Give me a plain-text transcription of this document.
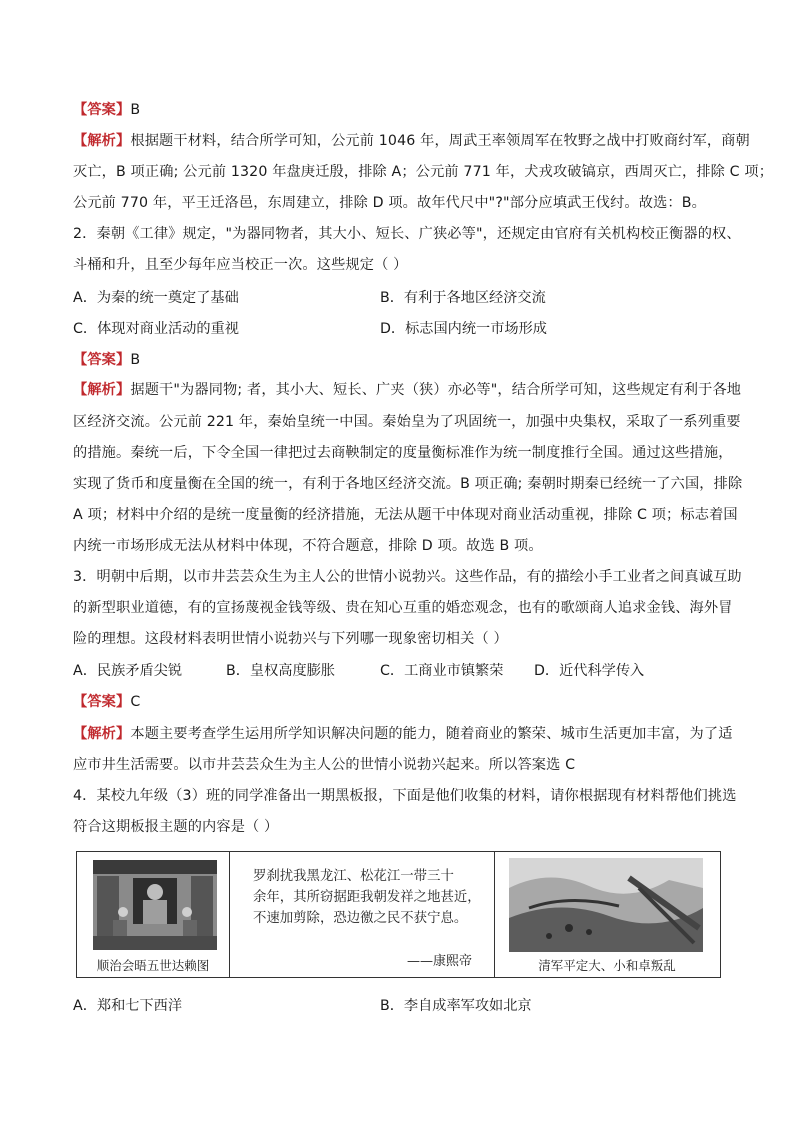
【答案】B
【解析】根据题干材料，结合所学可知，公元前 1046 年，周武王率领周军在牧野之战中打败商纣军，商朝
灭亡，B 项正确; 公元前 1320 年盘庚迁殷，排除 A；公元前 771 年，犬戎攻破镐京，西周灭亡，排除 C 项；
公元前 770 年，平王迁洛邑，东周建立，排除 D 项。故年代尺中"?"部分应填武王伐纣。故选：B。
2．秦朝《工律》规定，"为器同物者，其大小、短长、广狭必等"，还规定由官府有关机构校正衡器的权、
斗桶和升，且至少每年应当校正一次。这些规定（ ）
A．为秦的统一奠定了基础	B．有利于各地区经济交流
C．体现对商业活动的重视	D．标志国内统一市场形成
【答案】B
【解析】据题干"为器同物; 者，其小大、短长、广夹（狭）亦必等"，结合所学可知，这些规定有利于各地
区经济交流。公元前 221 年，秦始皇统一中国。秦始皇为了巩固统一，加强中央集权，采取了一系列重要
的措施。秦统一后，下令全国一律把过去商鞅制定的度量衡标准作为统一制度推行全国。通过这些措施，
实现了货币和度量衡在全国的统一，有利于各地区经济交流。B 项正确; 秦朝时期秦已经统一了六国，排除
A 项；材料中介绍的是统一度量衡的经济措施，无法从题干中体现对商业活动重视，排除 C 项；标志着国
内统一市场形成无法从材料中体现，不符合题意，排除 D 项。故选 B 项。
3．明朝中后期，以市井芸芸众生为主人公的世情小说勃兴。这些作品，有的描绘小手工业者之间真诚互助
的新型职业道德，有的宣扬蔑视金钱等级、贵在知心互重的婚恋观念，也有的歌颂商人追求金钱、海外冒
险的理想。这段材料表明世情小说勃兴与下列哪一现象密切相关（ ）
A．民族矛盾尖锐	B．皇权高度膨胀	C．工商业市镇繁荣 D．近代科学传入
【答案】C
【解析】本题主要考查学生运用所学知识解决问题的能力，随着商业的繁荣、城市生活更加丰富，为了适
应市井生活需要。以市井芸芸众生为主人公的世情小说勃兴起来。所以答案选 C
4．某校九年级（3）班的同学准备出一期黑板报，下面是他们收集的材料，请你根据现有材料帮他们挑选
符合这期板报主题的内容是（ ）
顺治会晤五世达赖图
罗刹扰我黑龙江、松花江一带三十
余年，其所窃据距我朝发祥之地甚近，
不速加剪除，恐边徼之民不获宁息。
——康熙帝	清军平定大、小和卓叛乱
A．郑和七下西洋	B．李自成率军攻如北京
